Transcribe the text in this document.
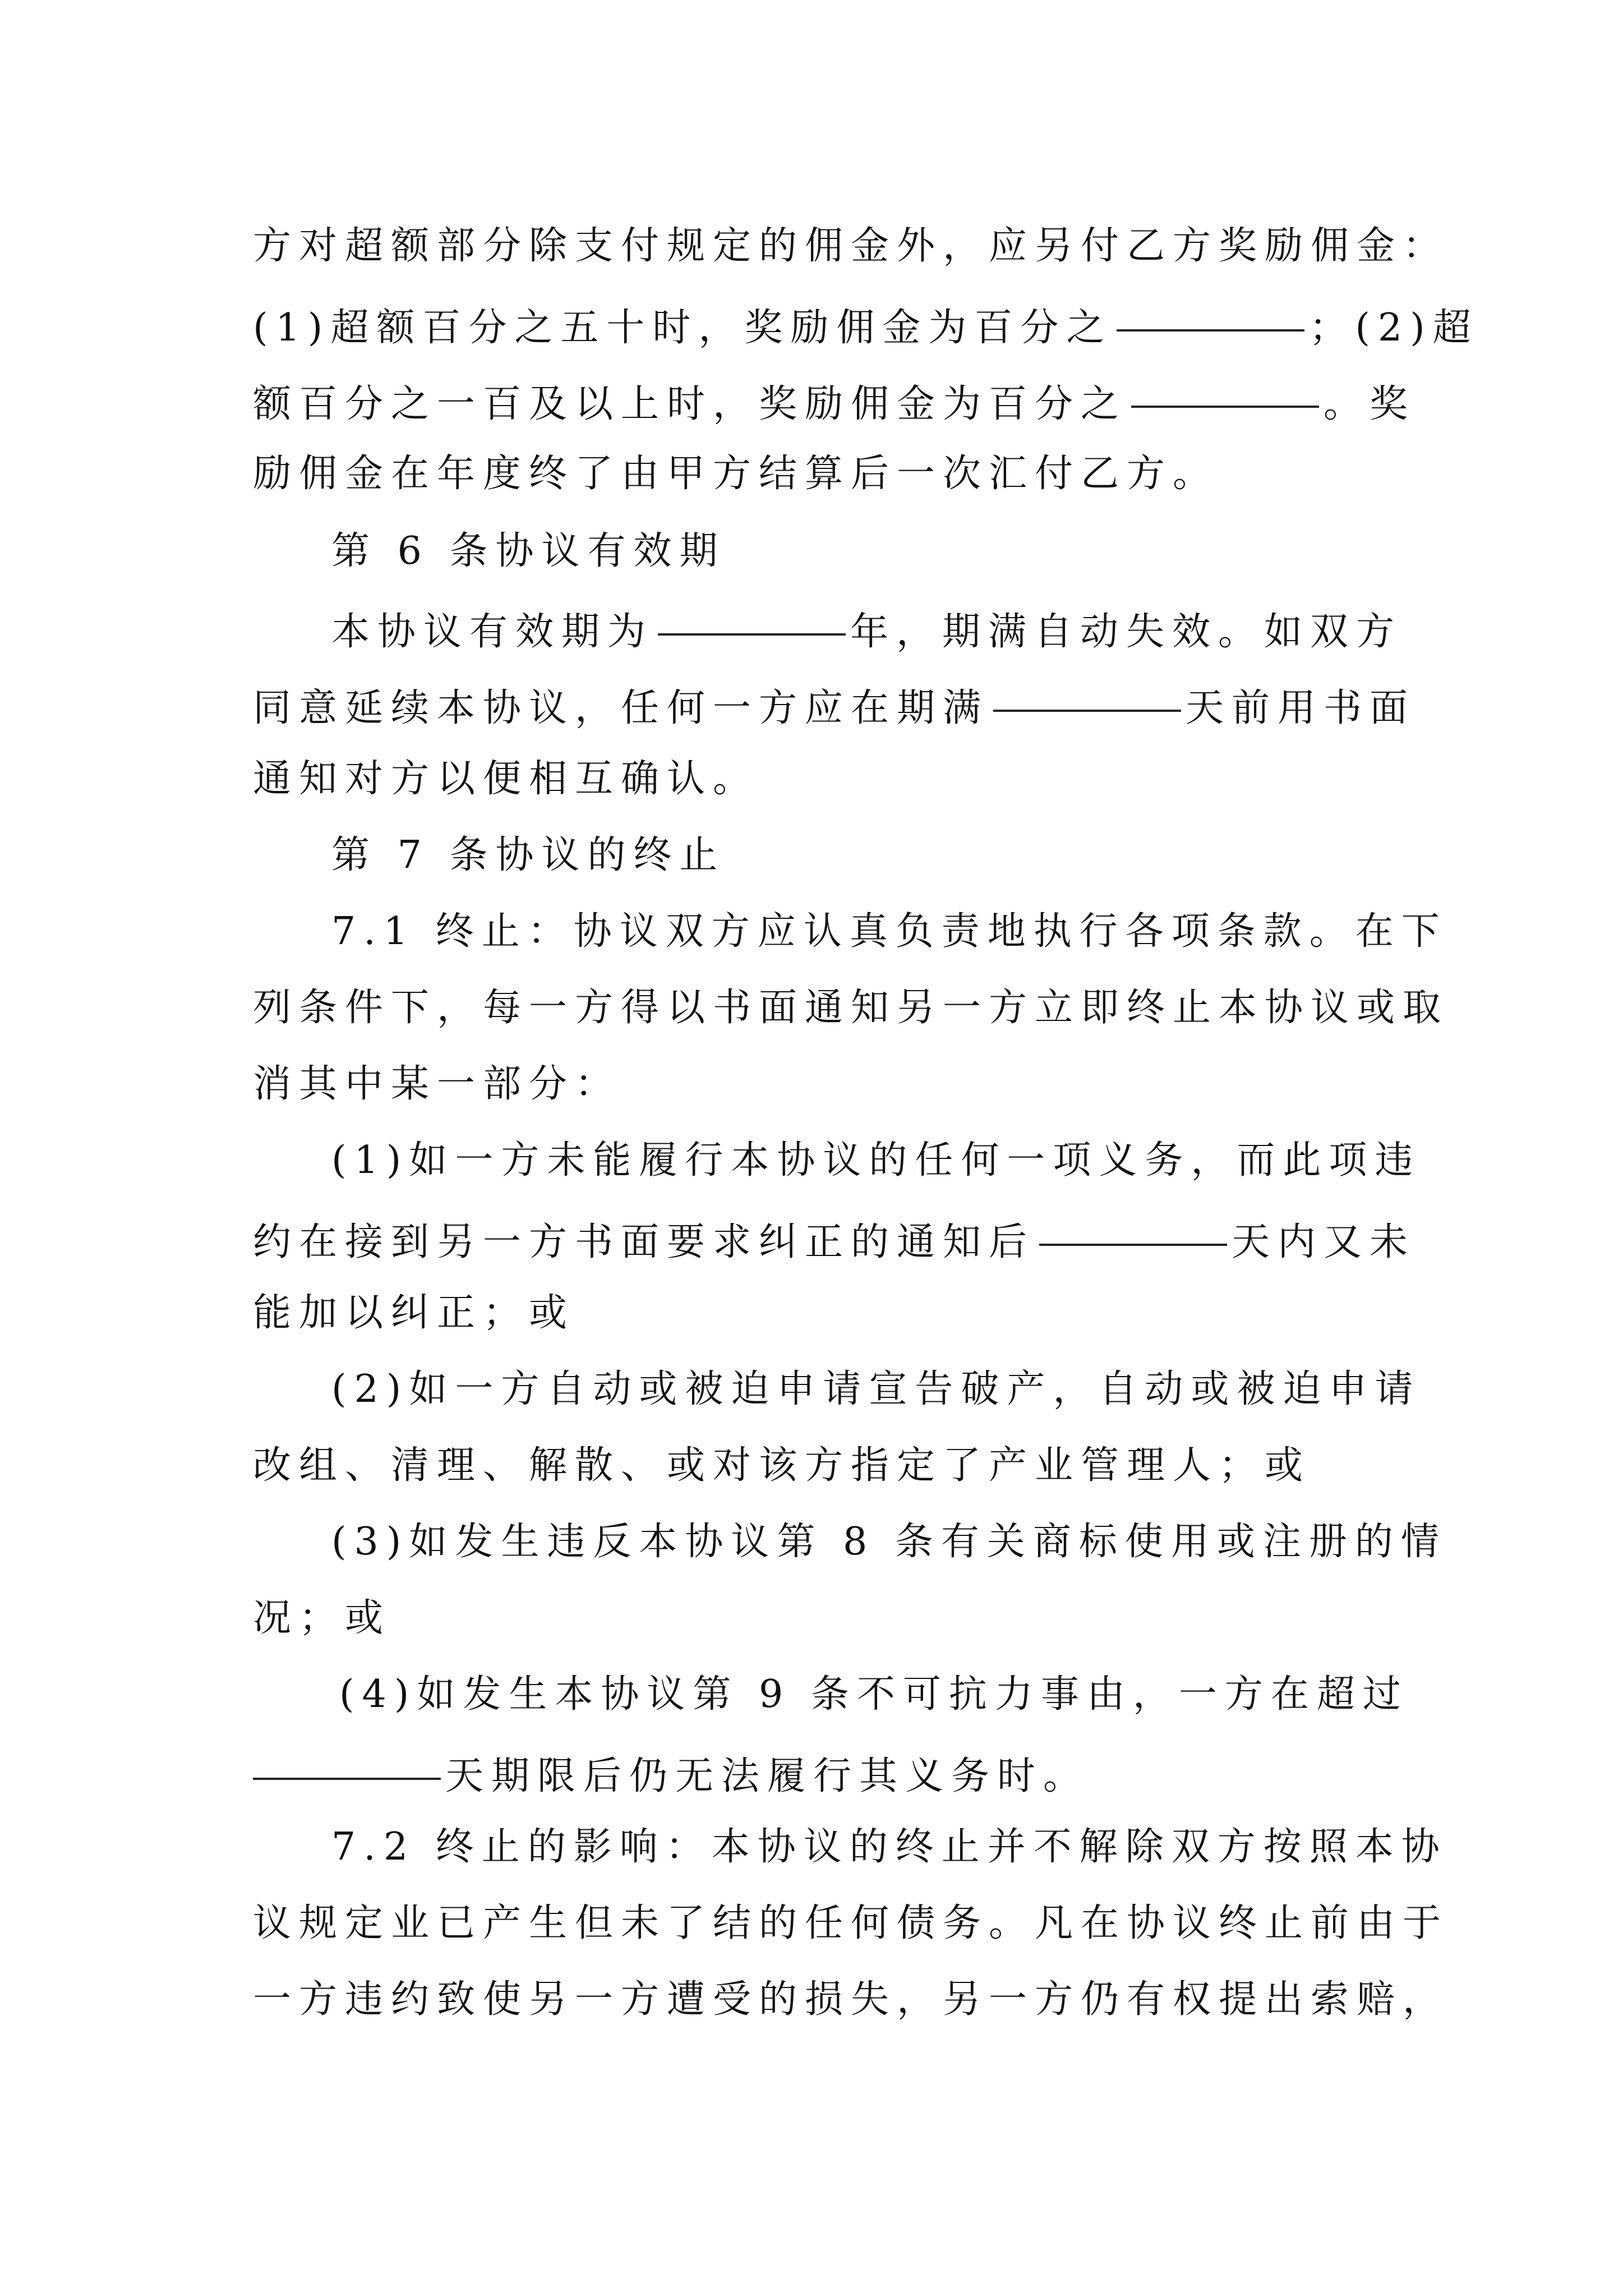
方对超额部分除支付规定的佣金外，应另付乙方奖励佣金：
(1)超额百分之五十时，奖励佣金为百分之	；(2)超
额百分之一百及以上时，奖励佣金为百分之	。奖
励佣金在年度终了由甲方结算后一次汇付乙方。
第 6 条协议有效期
本协议有效期为	年，期满自动失效。如双方
同意延续本协议，任何一方应在期满	天前用书面
通知对方以便相互确认。
第 7 条协议的终止
7.1 终止：协议双方应认真负责地执行各项条款。在下
列条件下，每一方得以书面通知另一方立即终止本协议或取
消其中某一部分：
(1)如一方未能履行本协议的任何一项义务，而此项违
约在接到另一方书面要求纠正的通知后	天内又未
能加以纠正；或
(2)如一方自动或被迫申请宣告破产，自动或被迫申请
改组、清理、解散、或对该方指定了产业管理人；或
(3)如发生违反本协议第 8 条有关商标使用或注册的情
况；或
(4)如发生本协议第 9 条不可抗力事由，一方在超过
天期限后仍无法履行其义务时。
7.2 终止的影响：本协议的终止并不解除双方按照本协
议规定业已产生但未了结的任何债务。凡在协议终止前由于
一方违约致使另一方遭受的损失，另一方仍有权提出索赔，
